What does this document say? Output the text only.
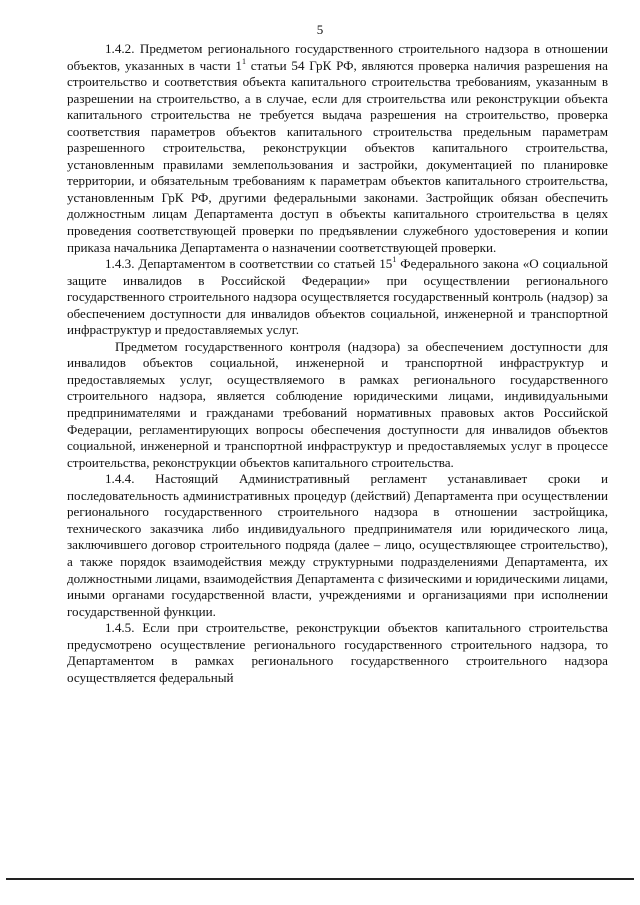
5

1.4.2. Предметом регионального государственного строительного надзора в отношении объектов, указанных в части $1^1$ статьи 54 ГрК РФ, являются проверка наличия разрешения на строительство и соответствия объекта капитального строительства требованиям, указанным в разрешении на строительство, а в случае, если для строительства или реконструкции объекта капитального строительства не требуется выдача разрешения на строительство, проверка соответствия параметров объектов капитального строительства предельным параметрам разрешенного строительства, реконструкции объектов капитального строительства, установленным правилами землепользования и застройки, документацией по планировке территории, и обязательным требованиям к параметрам объектов капитального строительства, установленным ГрК РФ, другими федеральными законами. Застройщик обязан обеспечить должностным лицам Департамента доступ в объекты капитального строительства в целях проведения соответствующей проверки по предъявлении служебного удостоверения и копии приказа начальника Департамента о назначении соответствующей проверки.

1.4.3. Департаментом в соответствии со статьей $15^1$ Федерального закона «О социальной защите инвалидов в Российской Федерации» при осуществлении регионального государственного строительного надзора осуществляется государственный контроль (надзор) за обеспечением доступности для инвалидов объектов социальной, инженерной и транспортной инфраструктур и предоставляемых услуг.

Предметом государственного контроля (надзора) за обеспечением доступности для инвалидов объектов социальной, инженерной и транспортной инфраструктур и предоставляемых услуг, осуществляемого в рамках регионального государственного строительного надзора, является соблюдение юридическими лицами, индивидуальными предпринимателями и гражданами требований нормативных правовых актов Российской Федерации, регламентирующих вопросы обеспечения доступности для инвалидов объектов социальной, инженерной и транспортной инфраструктур и предоставляемых услуг в процессе строительства, реконструкции объектов капитального строительства.

1.4.4. Настоящий Административный регламент устанавливает сроки и последовательность административных процедур (действий) Департамента при осуществлении регионального государственного строительного надзора в отношении застройщика, технического заказчика либо индивидуального предпринимателя или юридического лица, заключившего договор строительного подряда (далее – лицо, осуществляющее строительство), а также порядок взаимодействия между структурными подразделениями Департамента, их должностными лицами, взаимодействия Департамента с физическими и юридическими лицами, иными органами государственной власти, учреждениями и организациями при исполнении государственной функции.

1.4.5. Если при строительстве, реконструкции объектов капитального строительства предусмотрено осуществление регионального государственного строительного надзора, то Департаментом в рамках регионального государственного строительного надзора осуществляется федеральный
